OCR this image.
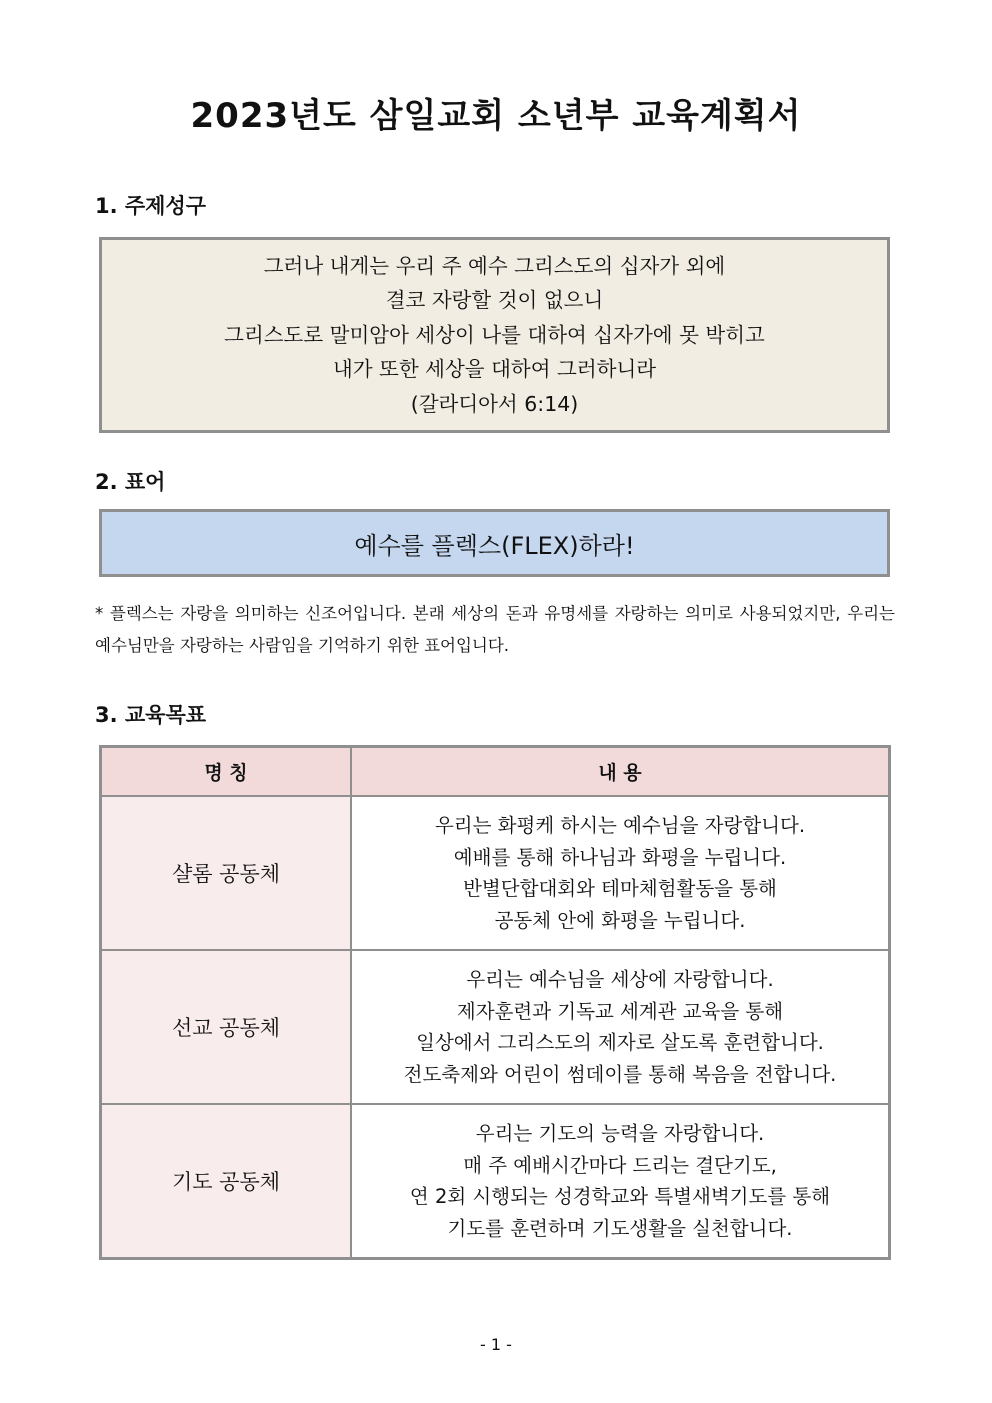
2023년도 삼일교회 소년부 교육계획서
1. 주제성구
그러나 내게는 우리 주 예수 그리스도의 십자가 외에
결코 자랑할 것이 없으니
그리스도로 말미암아 세상이 나를 대하여 십자가에 못 박히고
내가 또한 세상을 대하여 그러하니라
(갈라디아서 6:14)
2. 표어
예수를 플렉스(FLEX)하라!

* 플렉스는 자랑을 의미하는 신조어입니다. 본래 세상의 돈과 유명세를 자랑하는 의미로 사용되었지만, 우리는 예수님만을 자랑하는 사람임을 기억하기 위한 표어입니다.

3. 교육목표
명 칭	내 용
샬롬 공동체	우리는 화평케 하시는 예수님을 자랑합니다.
예배를 통해 하나님과 화평을 누립니다.
반별단합대회와 테마체험활동을 통해
공동체 안에 화평을 누립니다.

선교 공동체	우리는 예수님을 세상에 자랑합니다.
제자훈련과 기독교 세계관 교육을 통해
일상에서 그리스도의 제자로 살도록 훈련합니다.
전도축제와 어린이 썸데이를 통해 복음을 전합니다.

기도 공동체	우리는 기도의 능력을 자랑합니다.
매 주 예배시간마다 드리는 결단기도,
연 2회 시행되는 성경학교와 특별새벽기도를 통해
기도를 훈련하며 기도생활을 실천합니다.

- 1 -
